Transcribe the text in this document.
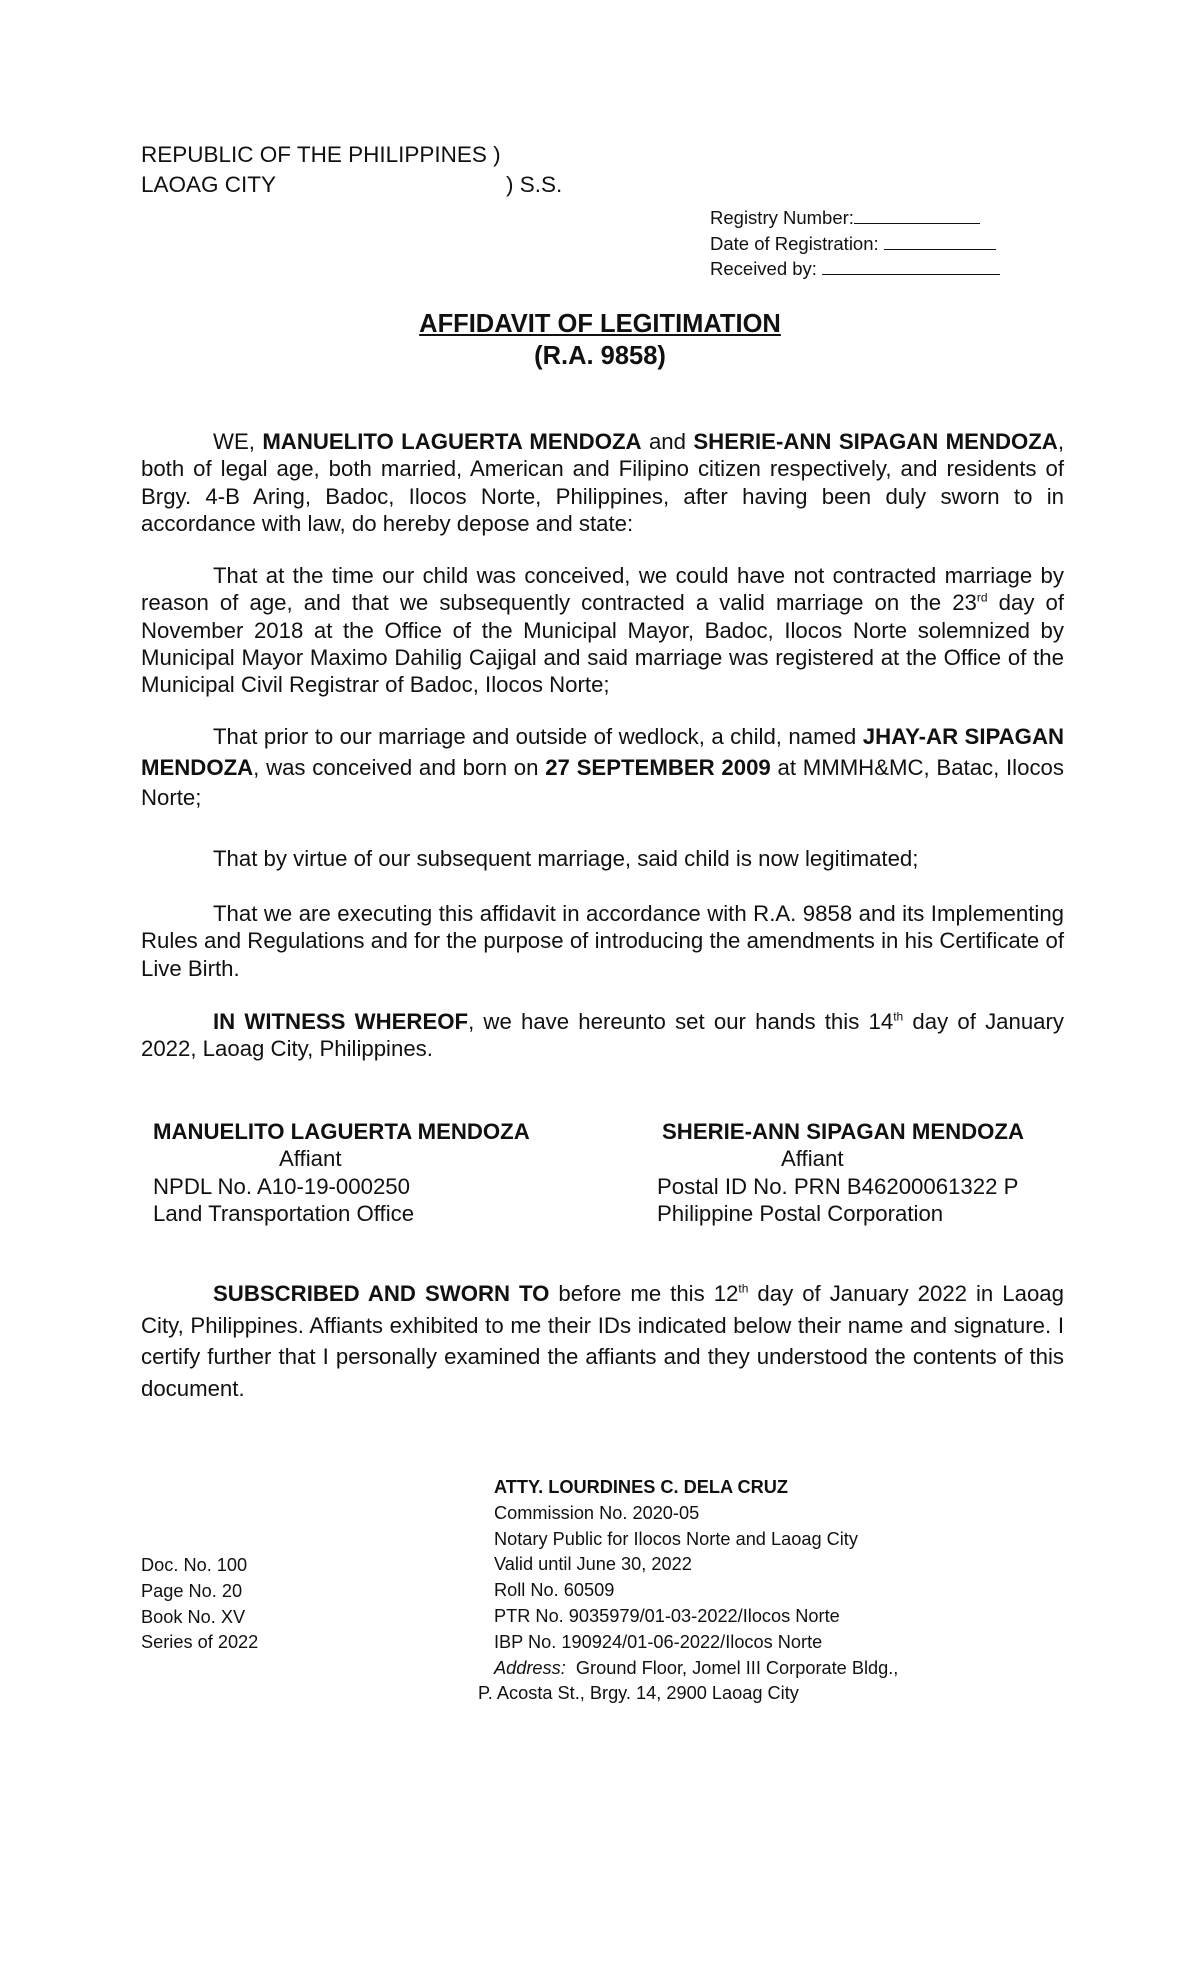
REPUBLIC OF THE PHILIPPINES )
LAOAG CITY	) S.S.
Registry Number:
Date of Registration:
Received by:
AFFIDAVIT OF LEGITIMATION
(R.A. 9858)
WE, MANUELITO LAGUERTA MENDOZA and SHERIE-ANN SIPAGAN MENDOZA, both of legal age, both married, American and Filipino citizen respectively, and residents of Brgy. 4-B Aring, Badoc, Ilocos Norte, Philippines, after having been duly sworn to in accordance with law, do hereby depose and state:
That at the time our child was conceived, we could have not contracted marriage by reason of age, and that we subsequently contracted a valid marriage on the 23rd day of November 2018 at the Office of the Municipal Mayor, Badoc, Ilocos Norte solemnized by Municipal Mayor Maximo Dahilig Cajigal and said marriage was registered at the Office of the Municipal Civil Registrar of Badoc, Ilocos Norte;
That prior to our marriage and outside of wedlock, a child, named JHAY-AR SIPAGAN MENDOZA, was conceived and born on 27 SEPTEMBER 2009 at MMMH&MC, Batac, Ilocos Norte;
That by virtue of our subsequent marriage, said child is now legitimated;
That we are executing this affidavit in accordance with R.A. 9858 and its Implementing Rules and Regulations and for the purpose of introducing the amendments in his Certificate of Live Birth.
IN WITNESS WHEREOF, we have hereunto set our hands this 14th day of January 2022, Laoag City, Philippines.
MANUELITO LAGUERTA MENDOZA
Affiant
NPDL No. A10-19-000250
Land Transportation Office
SHERIE-ANN SIPAGAN MENDOZA
Affiant
Postal ID No. PRN B46200061322 P
Philippine Postal Corporation
SUBSCRIBED AND SWORN TO before me this 12th day of January 2022 in Laoag City, Philippines. Affiants exhibited to me their IDs indicated below their name and signature. I certify further that I personally examined the affiants and they understood the contents of this document.
Doc. No. 100
Page No. 20
Book No. XV
Series of 2022
ATTY. LOURDINES C. DELA CRUZ
Commission No. 2020-05
Notary Public for Ilocos Norte and Laoag City
Valid until June 30, 2022
Roll No. 60509
PTR No. 9035979/01-03-2022/Ilocos Norte
IBP No. 190924/01-06-2022/Ilocos Norte
Address: Ground Floor, Jomel III Corporate Bldg.,
P. Acosta St., Brgy. 14, 2900 Laoag City
